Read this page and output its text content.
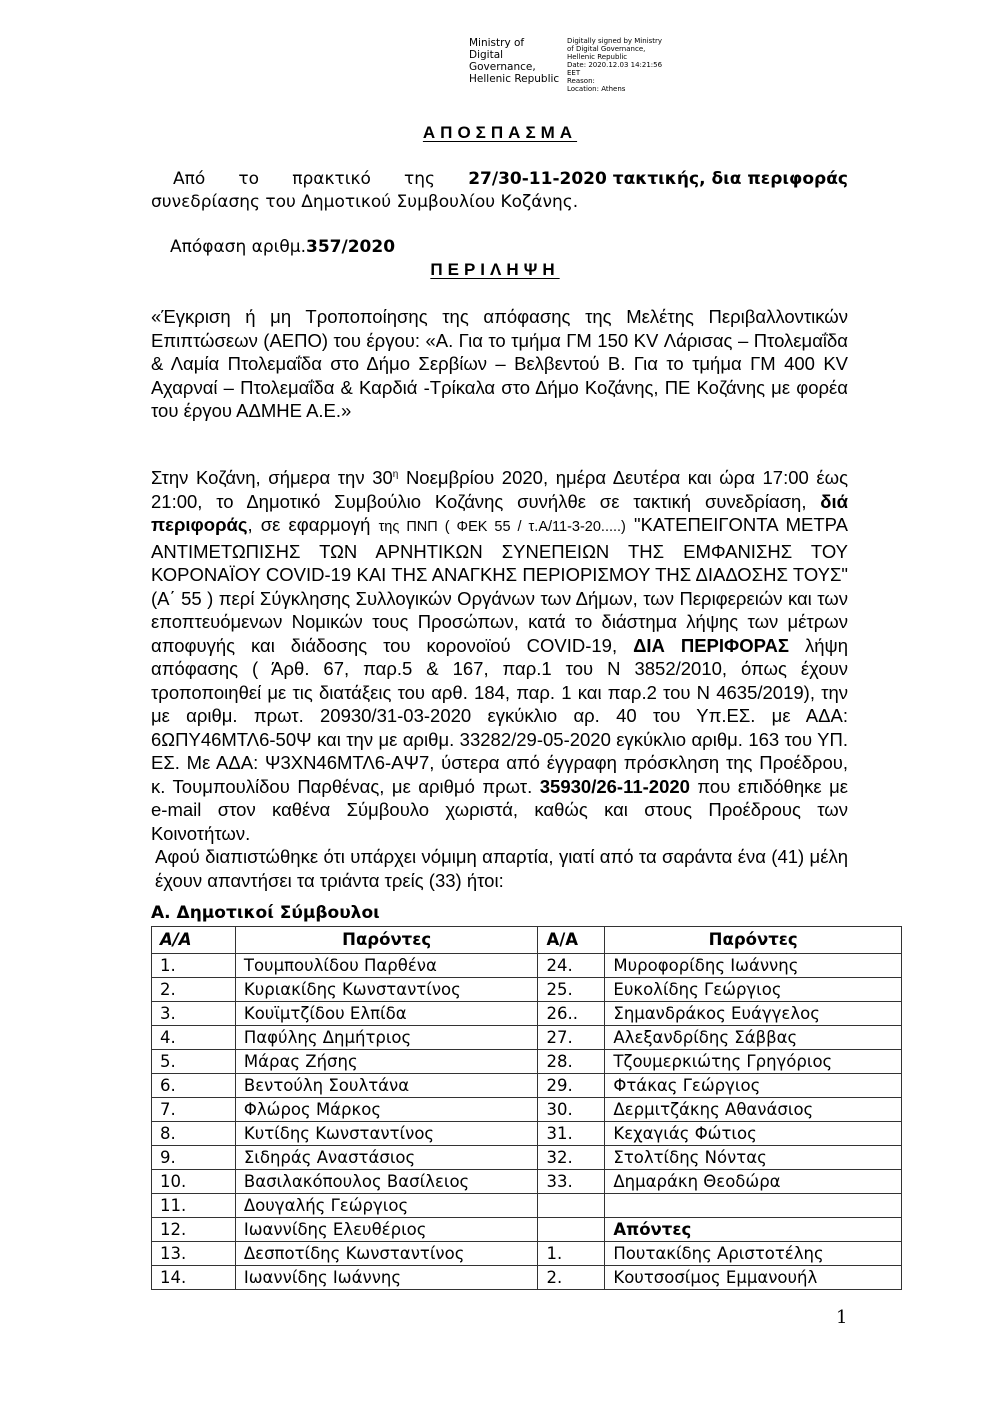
Ministry of Digital
Governance,
Hellenic Republic
Digitally signed by Ministry
of Digital Governance,
Hellenic Republic
Date: 2020.12.03 14:21:56
EET
Reason:
Location: Athens
ΑΠΟΣΠΑΣΜΑ
Από το πρακτικό της 27/30-11-2020 τακτικής, δια περιφοράς
συνεδρίασης του Δημοτικού Συμβουλίου Κοζάνης.
Απόφαση αριθμ.357/2020
ΠΕΡΙΛΗΨΗ
«Έγκριση ή μη Τροποποίησης της απόφασης της Μελέτης Περιβαλλοντικών Επιπτώσεων (ΑΕΠΟ) του έργου: «Α. Για το τμήμα ΓΜ 150 KV Λάρισας – Πτολεμαΐδα & Λαμία Πτολεμαΐδα στο Δήμο Σερβίων – Βελβεντού Β. Για το τμήμα ΓΜ 400 KV Αχαρναί – Πτολεμαΐδα & Καρδιά -Τρίκαλα στο Δήμο Κοζάνης, ΠΕ Κοζάνης με φορέα του έργου ΑΔΜΗΕ Α.Ε.»
Στην Κοζάνη, σήμερα την $30^\eta$ Νοεμβρίου 2020, ημέρα Δευτέρα και ώρα 17:00 έως 21:00, το Δημοτικό Συμβούλιο Κοζάνης συνήλθε σε τακτική συνεδρίαση, διά περιφοράς, σε εφαρμογή της ΠΝΠ ( ΦΕΚ 55 / τ.Α/11-3-20.....) "ΚΑΤΕΠΕΙΓΟΝΤΑ ΜΕΤΡΑ ΑΝΤΙΜΕΤΩΠΙΣΗΣ ΤΩΝ ΑΡΝΗΤΙΚΩΝ ΣΥΝΕΠΕΙΩΝ ΤΗΣ ΕΜΦΑΝΙΣΗΣ ΤΟΥ ΚΟΡΟΝΑΪΟΥ COVID-19 ΚΑΙ ΤΗΣ ΑΝΑΓΚΗΣ ΠΕΡΙΟΡΙΣΜΟΥ ΤΗΣ ΔΙΑΔΟΣΗΣ ΤΟΥΣ" (Α΄ 55 ) περί Σύγκλησης Συλλογικών Οργάνων των Δήμων, των Περιφερειών και των εποπτευόμενων Νομικών τους Προσώπων, κατά το διάστημα λήψης των μέτρων αποφυγής και διάδοσης του κορονοϊού COVID-19, ΔΙΑ ΠΕΡΙΦΟΡΑΣ λήψη απόφασης ( Άρθ. 67, παρ.5 & 167, παρ.1 του Ν 3852/2010, όπως έχουν τροποποιηθεί με τις διατάξεις του αρθ. 184, παρ. 1 και παρ.2 του Ν 4635/2019), την με αριθμ. πρωτ. 20930/31-03-2020 εγκύκλιο αρ. 40 του Υπ.ΕΣ. με ΑΔΑ: 6ΩΠΥ46ΜΤΛ6-50Ψ και την με αριθμ. 33282/29-05-2020 εγκύκλιο αριθμ. 163 του ΥΠ. ΕΣ. Με ΑΔΑ: Ψ3ΧΝ46ΜΤΛ6-ΑΨ7, ύστερα από έγγραφη πρόσκληση της Προέδρου, κ. Τουμπουλίδου Παρθένας, με αριθμό πρωτ. 35930/26-11-2020 που επιδόθηκε με e-mail στον καθένα Σύμβουλο χωριστά, καθώς και στους Προέδρους των Κοινοτήτων.
Αφού διαπιστώθηκε ότι υπάρχει νόμιμη απαρτία, γιατί από τα σαράντα ένα (41) μέλη έχουν απαντήσει τα τριάντα τρείς (33) ήτοι:
Α. Δημοτικοί Σύμβουλοι
Α/Α	Παρόντες	Α/Α	Παρόντες
1.	Τουμπουλίδου Παρθένα	24.	Μυροφορίδης Ιωάννης
2.	Κυριακίδης Κωνσταντίνος	25.	Ευκολίδης Γεώργιος
3.	Κουϊμτζίδου Ελπίδα	26..	Σημανδράκος Ευάγγελος
4.	Παφύλης Δημήτριος	27.	Αλεξανδρίδης Σάββας
5.	Μάρας Ζήσης	28.	Τζουμερκιώτης Γρηγόριος
6.	Βεντούλη Σουλτάνα	29.	Φτάκας Γεώργιος
7.	Φλώρος Μάρκος	30.	Δερμιτζάκης Αθανάσιος
8.	Κυτίδης Κωνσταντίνος	31.	Κεχαγιάς Φώτιος
9.	Σιδηράς Αναστάσιος	32.	Στολτίδης Νόντας
10.	Βασιλακόπουλος Βασίλειος	33.	Δημαράκη Θεοδώρα
11.	Δουγαλής Γεώργιος		
12.	Ιωαννίδης Ελευθέριος		Απόντες
13.	Δεσποτίδης Κωνσταντίνος	1.	Πουτακίδης Αριστοτέλης
14.	Ιωαννίδης Ιωάννης	2.	Κουτσοσίμος Εμμανουήλ
1
